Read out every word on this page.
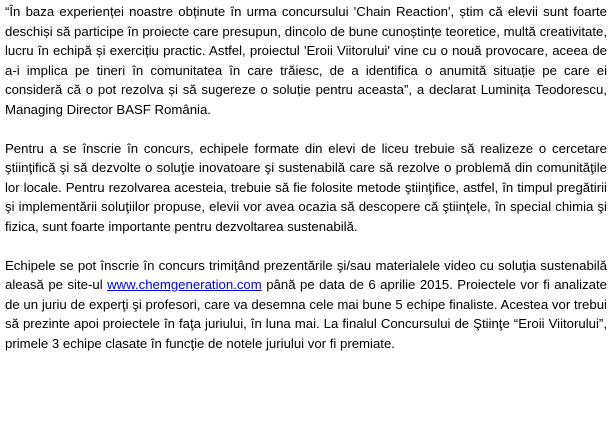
“În baza experienței noastre obținute în urma concursului 'Chain Reaction', știm că elevii sunt foarte deschiși să participe în proiecte care presupun, dincolo de bune cunoștințe teoretice, multă creativitate, lucru în echipă și exercițiu practic. Astfel, proiectul 'Eroii Viitorului' vine cu o nouă provocare, aceea de a-i implica pe tineri în comunitatea în care trăiesc, de a identifica o anumită situație pe care ei consideră că o pot rezolva și să sugereze o soluție pentru aceasta”, a declarat Luminița Teodorescu, Managing Director BASF România.

Pentru a se înscrie în concurs, echipele formate din elevi de liceu trebuie să realizeze o cercetare ştiinţifică şi să dezvolte o soluţie inovatoare şi sustenabilă care să rezolve o problemă din comunităţile lor locale. Pentru rezolvarea acesteia, trebuie să fie folosite metode ştiinţifice, astfel, în timpul pregătirii şi implementării soluţiilor propuse, elevii vor avea ocazia să descopere că ştiinţele, în special chimia şi fizica, sunt foarte importante pentru dezvoltarea sustenabilă.

Echipele se pot înscrie în concurs trimiţând prezentările şi/sau materialele video cu soluţia sustenabilă aleasă pe site-ul www.chemgeneration.com până pe data de 6 aprilie 2015. Proiectele vor fi analizate de un juriu de experţi şi profesori, care va desemna cele mai bune 5 echipe finaliste. Acestea vor trebui să prezinte apoi proiectele în faţa juriului, în luna mai. La finalul Concursului de Ştiinţe “Eroii Viitorului”, primele 3 echipe clasate în funcţie de notele juriului vor fi premiate.
